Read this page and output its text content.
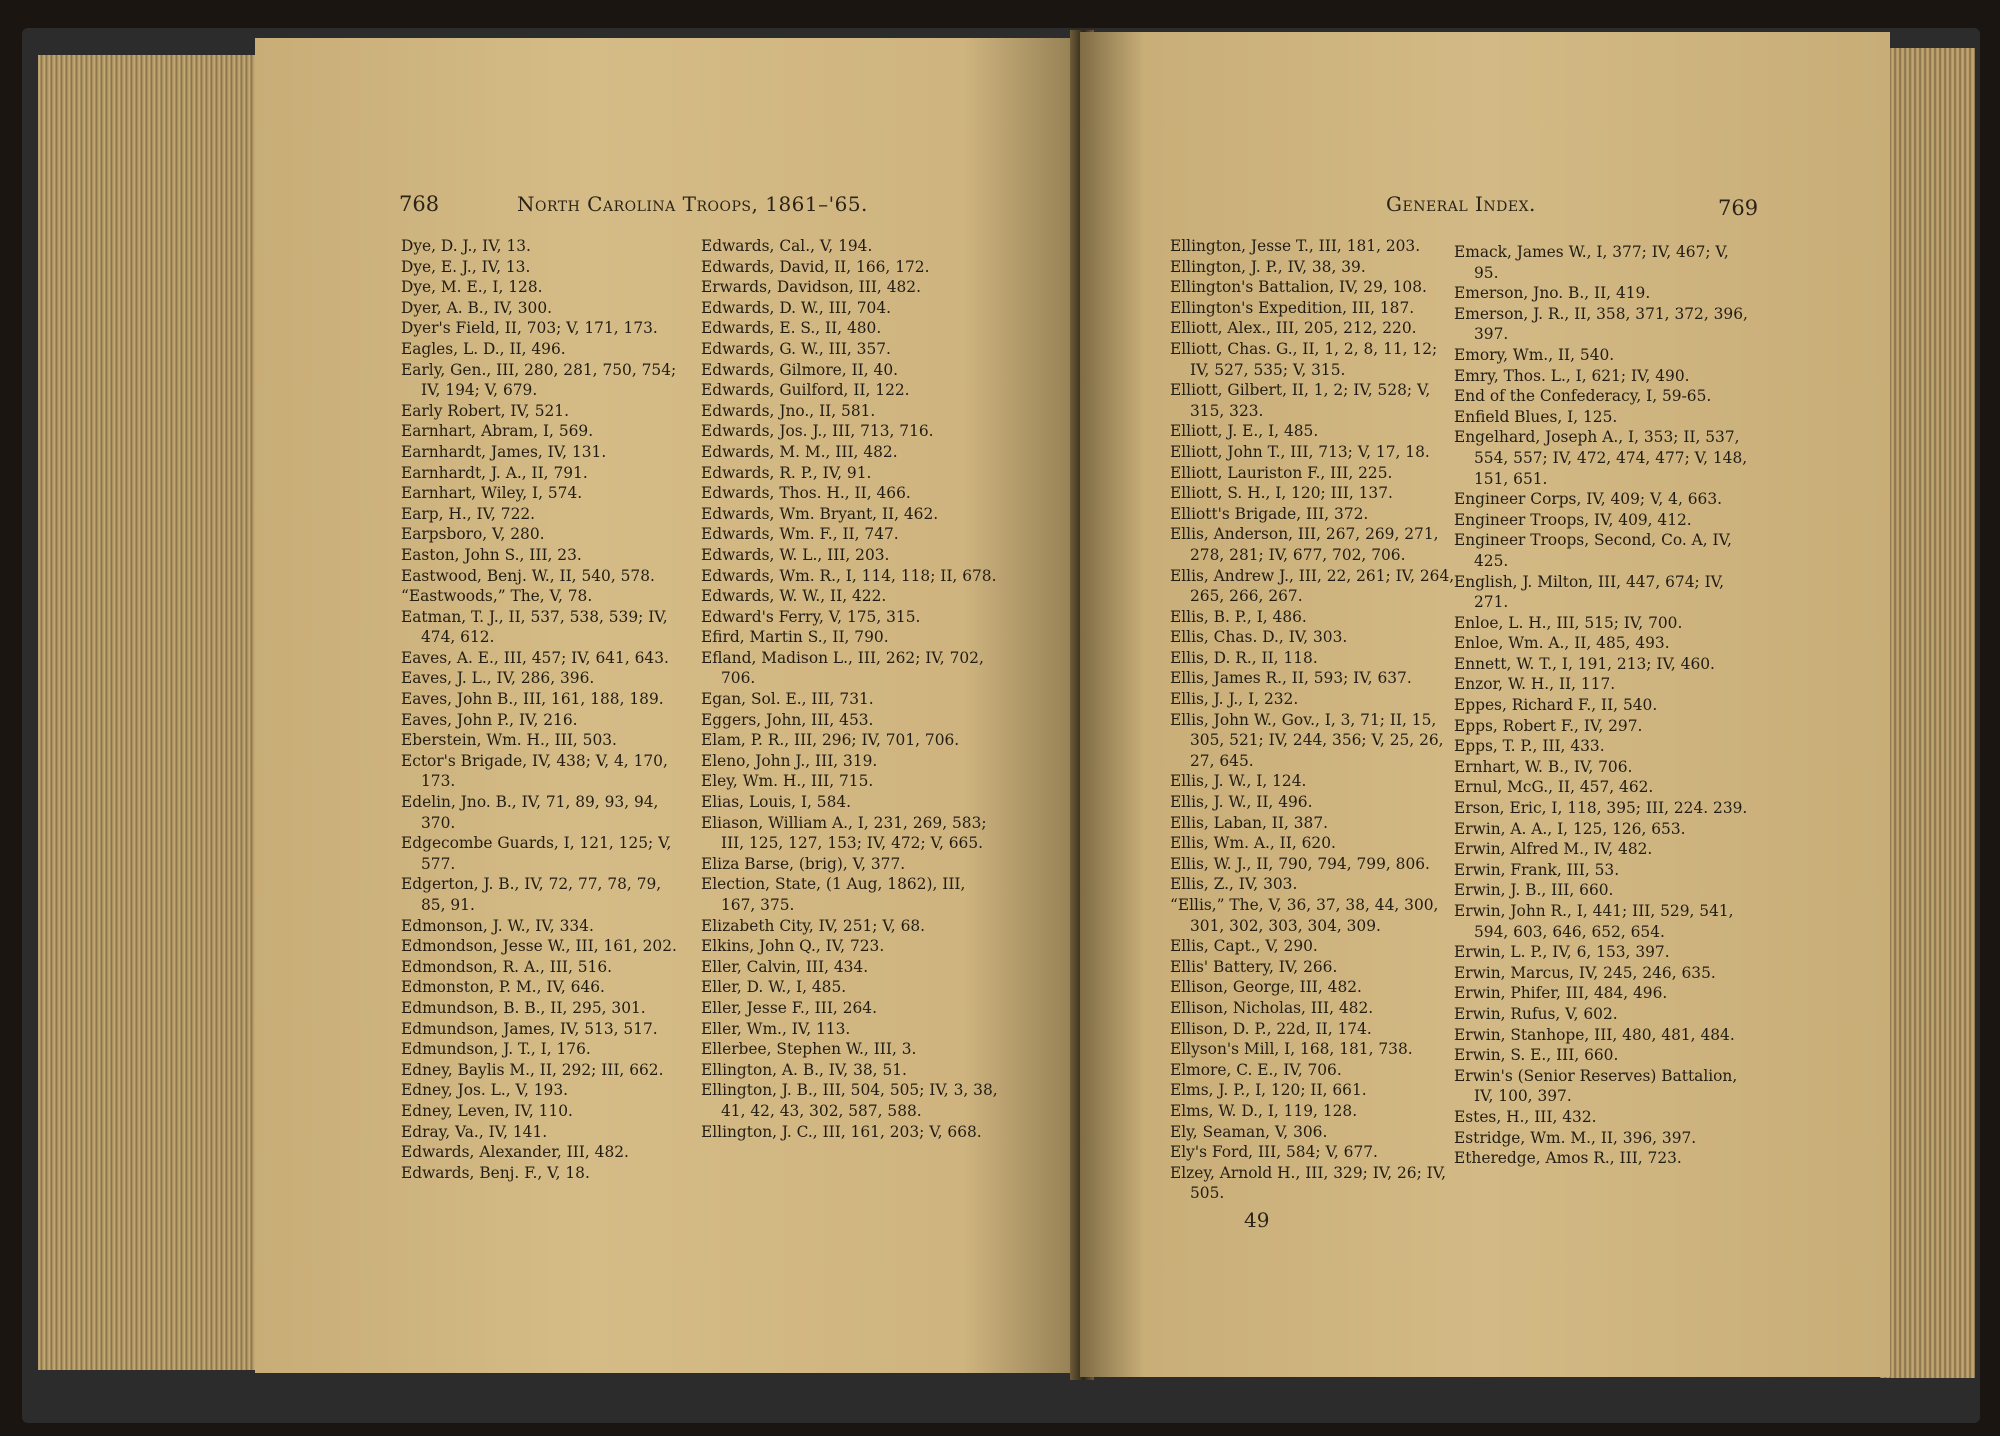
768	North Carolina Troops, 1861–'65.
Dye, D. J., IV, 13.
Dye, E. J., IV, 13.
Dye, M. E., I, 128.
Dyer, A. B., IV, 300.
Dyer's Field, II, 703; V, 171, 173.
Eagles, L. D., II, 496.
Early, Gen., III, 280, 281, 750, 754; IV, 194; V, 679.
Early Robert, IV, 521.
Earnhart, Abram, I, 569.
Earnhardt, James, IV, 131.
Earnhardt, J. A., II, 791.
Earnhart, Wiley, I, 574.
Earp, H., IV, 722.
Earpsboro, V, 280.
Easton, John S., III, 23.
Eastwood, Benj. W., II, 540, 578.
“Eastwoods,” The, V, 78.
Eatman, T. J., II, 537, 538, 539; IV, 474, 612.
Eaves, A. E., III, 457; IV, 641, 643.
Eaves, J. L., IV, 286, 396.
Eaves, John B., III, 161, 188, 189.
Eaves, John P., IV, 216.
Eberstein, Wm. H., III, 503.
Ector's Brigade, IV, 438; V, 4, 170, 173.
Edelin, Jno. B., IV, 71, 89, 93, 94, 370.
Edgecombe Guards, I, 121, 125; V, 577.
Edgerton, J. B., IV, 72, 77, 78, 79, 85, 91.
Edmonson, J. W., IV, 334.
Edmondson, Jesse W., III, 161, 202.
Edmondson, R. A., III, 516.
Edmonston, P. M., IV, 646.
Edmundson, B. B., II, 295, 301.
Edmundson, James, IV, 513, 517.
Edmundson, J. T., I, 176.
Edney, Baylis M., II, 292; III, 662.
Edney, Jos. L., V, 193.
Edney, Leven, IV, 110.
Edray, Va., IV, 141.
Edwards, Alexander, III, 482.
Edwards, Benj. F., V, 18.
Edwards, Cal., V, 194.
Edwards, David, II, 166, 172.
Erwards, Davidson, III, 482.
Edwards, D. W., III, 704.
Edwards, E. S., II, 480.
Edwards, G. W., III, 357.
Edwards, Gilmore, II, 40.
Edwards, Guilford, II, 122.
Edwards, Jno., II, 581.
Edwards, Jos. J., III, 713, 716.
Edwards, M. M., III, 482.
Edwards, R. P., IV, 91.
Edwards, Thos. H., II, 466.
Edwards, Wm. Bryant, II, 462.
Edwards, Wm. F., II, 747.
Edwards, W. L., III, 203.
Edwards, Wm. R., I, 114, 118; II, 678.
Edwards, W. W., II, 422.
Edward's Ferry, V, 175, 315.
Efird, Martin S., II, 790.
Efland, Madison L., III, 262; IV, 702, 706.
Egan, Sol. E., III, 731.
Eggers, John, III, 453.
Elam, P. R., III, 296; IV, 701, 706.
Eleno, John J., III, 319.
Eley, Wm. H., III, 715.
Elias, Louis, I, 584.
Eliason, William A., I, 231, 269, 583; III, 125, 127, 153; IV, 472; V, 665.
Eliza Barse, (brig), V, 377.
Election, State, (1 Aug, 1862), III, 167, 375.
Elizabeth City, IV, 251; V, 68.
Elkins, John Q., IV, 723.
Eller, Calvin, III, 434.
Eller, D. W., I, 485.
Eller, Jesse F., III, 264.
Eller, Wm., IV, 113.
Ellerbee, Stephen W., III, 3.
Ellington, A. B., IV, 38, 51.
Ellington, J. B., III, 504, 505; IV, 3, 38, 41, 42, 43, 302, 587, 588.
Ellington, J. C., III, 161, 203; V, 668.
General Index.	769
Ellington, Jesse T., III, 181, 203.
Ellington, J. P., IV, 38, 39.
Ellington's Battalion, IV, 29, 108.
Ellington's Expedition, III, 187.
Elliott, Alex., III, 205, 212, 220.
Elliott, Chas. G., II, 1, 2, 8, 11, 12; IV, 527, 535; V, 315.
Elliott, Gilbert, II, 1, 2; IV, 528; V, 315, 323.
Elliott, J. E., I, 485.
Elliott, John T., III, 713; V, 17, 18.
Elliott, Lauriston F., III, 225.
Elliott, S. H., I, 120; III, 137.
Elliott's Brigade, III, 372.
Ellis, Anderson, III, 267, 269, 271, 278, 281; IV, 677, 702, 706.
Ellis, Andrew J., III, 22, 261; IV, 264, 265, 266, 267.
Ellis, B. P., I, 486.
Ellis, Chas. D., IV, 303.
Ellis, D. R., II, 118.
Ellis, James R., II, 593; IV, 637.
Ellis, J. J., I, 232.
Ellis, John W., Gov., I, 3, 71; II, 15, 305, 521; IV, 244, 356; V, 25, 26, 27, 645.
Ellis, J. W., I, 124.
Ellis, J. W., II, 496.
Ellis, Laban, II, 387.
Ellis, Wm. A., II, 620.
Ellis, W. J., II, 790, 794, 799, 806.
Ellis, Z., IV, 303.
“Ellis,” The, V, 36, 37, 38, 44, 300, 301, 302, 303, 304, 309.
Ellis, Capt., V, 290.
Ellis' Battery, IV, 266.
Ellison, George, III, 482.
Ellison, Nicholas, III, 482.
Ellison, D. P., 22d, II, 174.
Ellyson's Mill, I, 168, 181, 738.
Elmore, C. E., IV, 706.
Elms, J. P., I, 120; II, 661.
Elms, W. D., I, 119, 128.
Ely, Seaman, V, 306.
Ely's Ford, III, 584; V, 677.
Elzey, Arnold H., III, 329; IV, 26; IV, 505.
Emack, James W., I, 377; IV, 467; V, 95.
Emerson, Jno. B., II, 419.
Emerson, J. R., II, 358, 371, 372, 396, 397.
Emory, Wm., II, 540.
Emry, Thos. L., I, 621; IV, 490.
End of the Confederacy, I, 59-65.
Enfield Blues, I, 125.
Engelhard, Joseph A., I, 353; II, 537, 554, 557; IV, 472, 474, 477; V, 148, 151, 651.
Engineer Corps, IV, 409; V, 4, 663.
Engineer Troops, IV, 409, 412.
Engineer Troops, Second, Co. A, IV, 425.
English, J. Milton, III, 447, 674; IV, 271.
Enloe, L. H., III, 515; IV, 700.
Enloe, Wm. A., II, 485, 493.
Ennett, W. T., I, 191, 213; IV, 460.
Enzor, W. H., II, 117.
Eppes, Richard F., II, 540.
Epps, Robert F., IV, 297.
Epps, T. P., III, 433.
Ernhart, W. B., IV, 706.
Ernul, McG., II, 457, 462.
Erson, Eric, I, 118, 395; III, 224. 239.
Erwin, A. A., I, 125, 126, 653.
Erwin, Alfred M., IV, 482.
Erwin, Frank, III, 53.
Erwin, J. B., III, 660.
Erwin, John R., I, 441; III, 529, 541, 594, 603, 646, 652, 654.
Erwin, L. P., IV, 6, 153, 397.
Erwin, Marcus, IV, 245, 246, 635.
Erwin, Phifer, III, 484, 496.
Erwin, Rufus, V, 602.
Erwin, Stanhope, III, 480, 481, 484.
Erwin, S. E., III, 660.
Erwin's (Senior Reserves) Battalion, IV, 100, 397.
Estes, H., III, 432.
Estridge, Wm. M., II, 396, 397.
Etheredge, Amos R., III, 723.
49
